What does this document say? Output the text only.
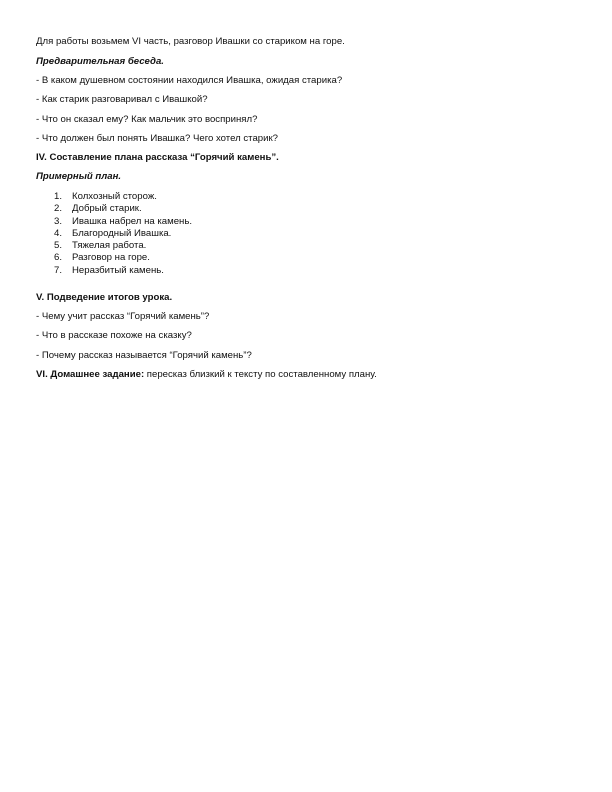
Для работы возьмем VI часть, разговор Ивашки со стариком на горе.

Предварительная беседа.

- В каком душевном состоянии находился Ивашка, ожидая старика?

- Как старик разговаривал с Ивашкой?

- Что он сказал ему? Как мальчик это воспринял?

- Что должен был понять Ивашка? Чего хотел старик?

IV. Составление плана рассказа “Горячий камень”.

Примерный план.

1.	Колхозный сторож.
2.	Добрый старик.
3.	Ивашка набрел на камень.
4.	Благородный Ивашка.
5.	Тяжелая работа.
6.	Разговор на горе.
7.	Неразбитый камень.

V. Подведение итогов урока.

- Чему учит рассказ “Горячий камень”?

- Что в рассказе похоже на сказку?

- Почему рассказ называется “Горячий камень”?

VI. Домашнее задание: пересказ близкий к тексту по составленному плану.
